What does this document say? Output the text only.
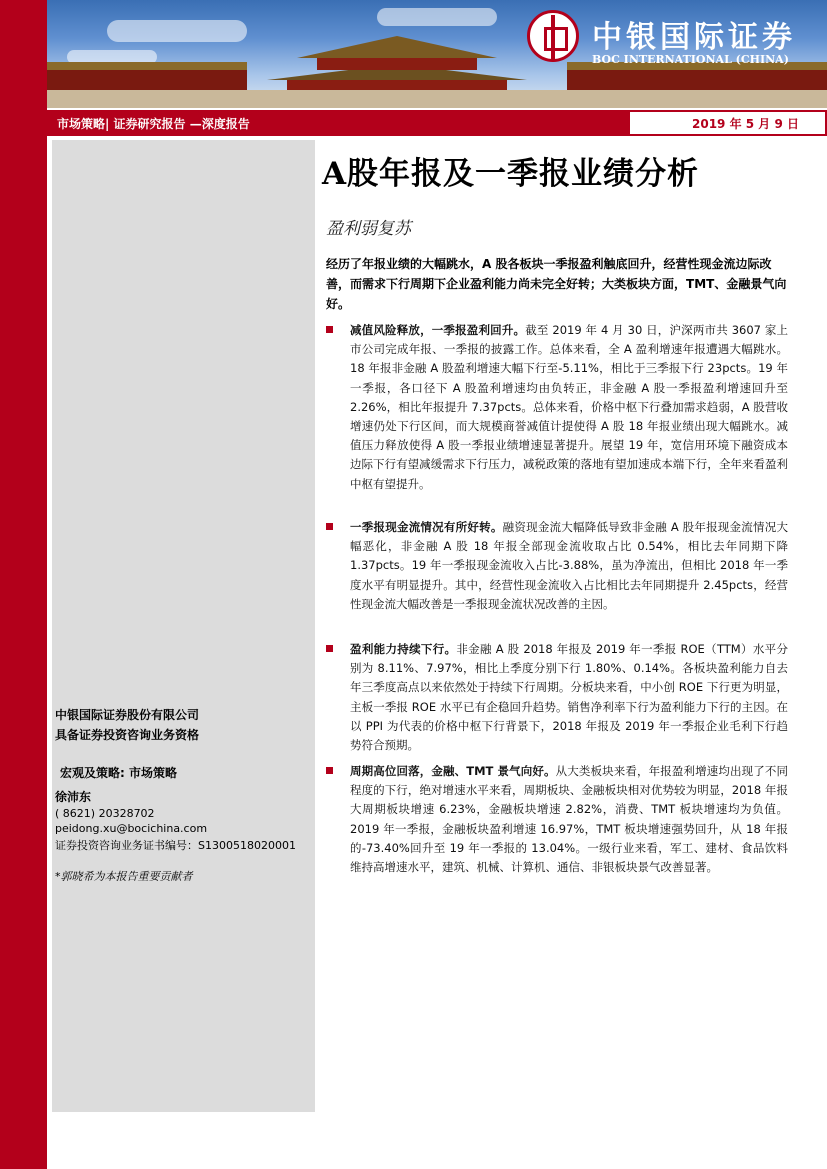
中银国际证券
BOC INTERNATIONAL (CHINA)
市场策略| 证券研究报告 —深度报告	2019 年 5 月 9 日
中银国际证券股份有限公司
具备证券投资咨询业务资格
宏观及策略: 市场策略
徐沛东
( 8621) 20328702
peidong.xu@bocichina.com
证券投资咨询业务证书编号：S1300518020001
*郭晓希为本报告重要贡献者
A股年报及一季报业绩分析
盈利弱复苏
经历了年报业绩的大幅跳水，A 股各板块一季报盈利触底回升，经营性现金流边际改善，而需求下行周期下企业盈利能力尚未完全好转；大类板块方面，TMT、金融景气向好。
减值风险释放，一季报盈利回升。截至 2019 年 4 月 30 日，沪深两市共 3607 家上市公司完成年报、一季报的披露工作。总体来看，全 A 盈利增速年报遭遇大幅跳水。18 年报非金融 A 股盈利增速大幅下行至-5.11%，相比于三季报下行 23pcts。19 年一季报，各口径下 A 股盈利增速均由负转正，非金融 A 股一季报盈利增速回升至 2.26%，相比年报提升 7.37pcts。总体来看，价格中枢下行叠加需求趋弱，A 股营收增速仍处下行区间，而大规模商誉减值计提使得 A 股 18 年报业绩出现大幅跳水。减值压力释放使得 A 股一季报业绩增速显著提升。展望 19 年，宽信用环境下融资成本边际下行有望减缓需求下行压力，减税政策的落地有望加速成本端下行，全年来看盈利中枢有望提升。
一季报现金流情况有所好转。融资现金流大幅降低导致非金融 A 股年报现金流情况大幅恶化，非金融 A 股 18 年报全部现金流收取占比 0.54%，相比去年同期下降 1.37pcts。19 年一季报现金流收入占比-3.88%，虽为净流出，但相比 2018 年一季度水平有明显提升。其中，经营性现金流收入占比相比去年同期提升 2.45pcts，经营性现金流大幅改善是一季报现金流状况改善的主因。
盈利能力持续下行。非金融 A 股 2018 年报及 2019 年一季报 ROE（TTM）水平分别为 8.11%、7.97%，相比上季度分别下行 1.80%、0.14%。各板块盈利能力自去年三季度高点以来依然处于持续下行周期。分板块来看，中小创 ROE 下行更为明显，主板一季报 ROE 水平已有企稳回升趋势。销售净利率下行为盈利能力下行的主因。在以 PPI 为代表的价格中枢下行背景下，2018 年报及 2019 年一季报企业毛利下行趋势符合预期。
周期高位回落，金融、TMT 景气向好。从大类板块来看，年报盈利增速均出现了不同程度的下行，绝对增速水平来看，周期板块、金融板块相对优势较为明显，2018 年报大周期板块增速 6.23%，金融板块增速 2.82%，消费、TMT 板块增速均为负值。2019 年一季报，金融板块盈利增速 16.97%，TMT 板块增速强势回升，从 18 年报的-73.40%回升至 19 年一季报的 13.04%。一级行业来看，军工、建材、食品饮料维持高增速水平，建筑、机械、计算机、通信、非银板块景气改善显著。
